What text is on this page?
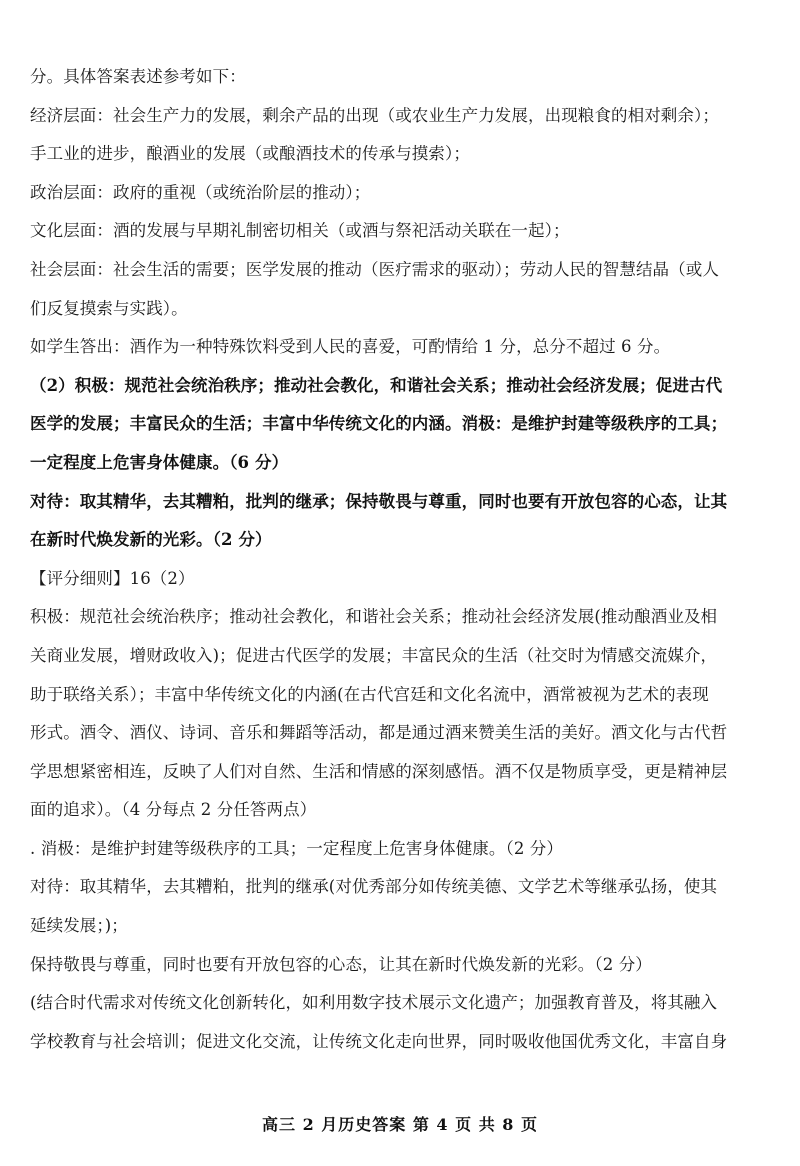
分。具体答案表述参考如下：
经济层面：社会生产力的发展，剩余产品的出现（或农业生产力发展，出现粮食的相对剩余）；
手工业的进步，酿酒业的发展（或酿酒技术的传承与摸索）；
政治层面：政府的重视（或统治阶层的推动）；
文化层面：酒的发展与早期礼制密切相关（或酒与祭祀活动关联在一起）；
社会层面：社会生活的需要；医学发展的推动（医疗需求的驱动）；劳动人民的智慧结晶（或人
们反复摸索与实践）。
如学生答出：酒作为一种特殊饮料受到人民的喜爱，可酌情给 1 分，总分不超过 6 分。
（2）积极：规范社会统治秩序；推动社会教化，和谐社会关系；推动社会经济发展；促进古代
医学的发展；丰富民众的生活；丰富中华传统文化的内涵。消极：是维护封建等级秩序的工具；
一定程度上危害身体健康。（6 分）
对待：取其精华，去其糟粕，批判的继承；保持敬畏与尊重，同时也要有开放包容的心态，让其
在新时代焕发新的光彩。（2 分）
【评分细则】16（2）
积极：规范社会统治秩序；推动社会教化，和谐社会关系；推动社会经济发展(推动酿酒业及相
关商业发展，增财政收入)；促进古代医学的发展；丰富民众的生活（社交时为情感交流媒介，
助于联络关系）；丰富中华传统文化的内涵(在古代宫廷和文化名流中，酒常被视为艺术的表现
形式。酒令、酒仪、诗词、音乐和舞蹈等活动，都是通过酒来赞美生活的美好。酒文化与古代哲
学思想紧密相连，反映了人们对自然、生活和情感的深刻感悟。酒不仅是物质享受，更是精神层
面的追求）。（4 分每点 2 分任答两点）
. 消极：是维护封建等级秩序的工具；一定程度上危害身体健康。（2 分）
对待：取其精华，去其糟粕，批判的继承(对优秀部分如传统美德、文学艺术等继承弘扬，使其
延续发展；)；
保持敬畏与尊重，同时也要有开放包容的心态，让其在新时代焕发新的光彩。（2 分）
(结合时代需求对传统文化创新转化，如利用数字技术展示文化遗产；加强教育普及，将其融入
学校教育与社会培训；促进文化交流，让传统文化走向世界，同时吸收他国优秀文化，丰富自身
高三 2 月历史答案 第 4 页 共 8 页
